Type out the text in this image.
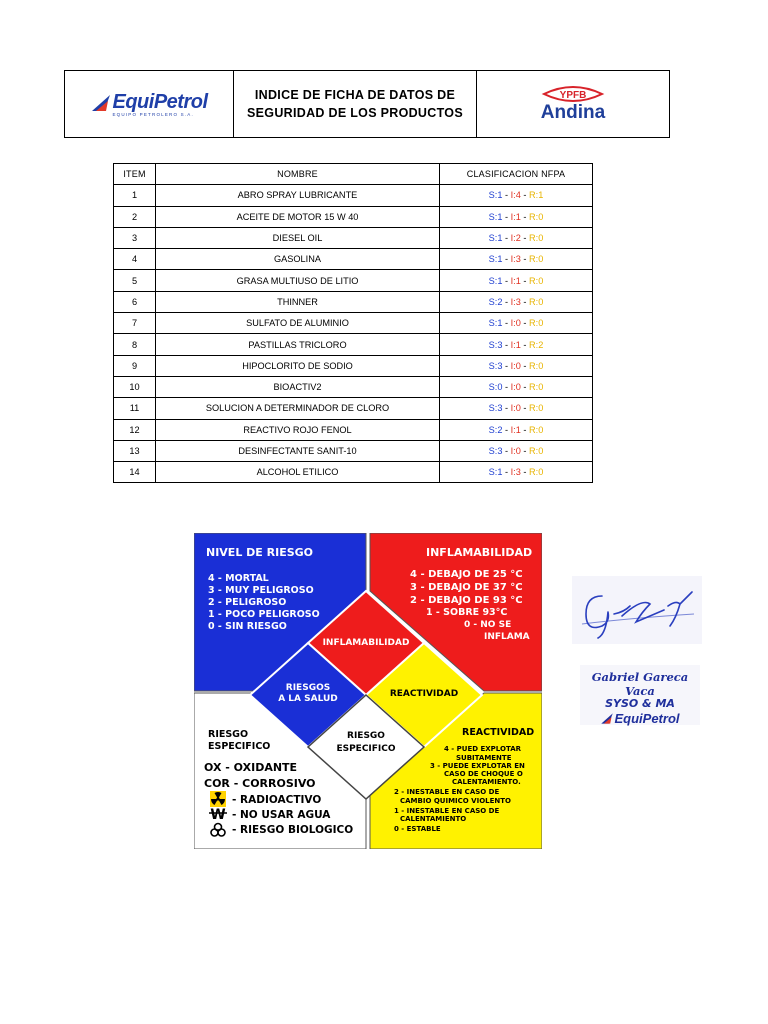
EquiPetrol
EQUIPO PETROLERO S.A.
INDICE DE FICHA DE DATOS DE
SEGURIDAD DE LOS PRODUCTOS
YPFB
Andina
ITEM	NOMBRE	CLASIFICACION NFPA
1	ABRO SPRAY LUBRICANTE	S:1 - I:4 - R:1
2	ACEITE DE MOTOR 15 W 40	S:1 - I:1 - R:0
3	DIESEL OIL	S:1 - I:2 - R:0
4	GASOLINA	S:1 - I:3 - R:0
5	GRASA MULTIUSO DE LITIO	S:1 - I:1 - R:0
6	THINNER	S:2 - I:3 - R:0
7	SULFATO DE ALUMINIO	S:1 - I:0 - R:0
8	PASTILLAS TRICLORO	S:3 - I:1 - R:2
9	HIPOCLORITO DE SODIO	S:3 - I:0 - R:0
10	BIOACTIV2	S:0 - I:0 - R:0
11	SOLUCION A DETERMINADOR DE CLORO	S:3 - I:0 - R:0
12	REACTIVO ROJO FENOL	S:2 - I:1 - R:0
13	DESINFECTANTE SANIT-10	S:3 - I:0 - R:0
14	ALCOHOL ETILICO	S:1 - I:3 - R:0
NIVEL DE RIESGO
4 - MORTAL
3 - MUY PELIGROSO
2 - PELIGROSO
1 - POCO PELIGROSO
0 - SIN RIESGO
INFLAMABILIDAD
4 - DEBAJO DE 25 °C
3 - DEBAJO DE 37 °C
2 - DEBAJO DE 93 °C
1 - SOBRE 93°C
0 - NO SE
INFLAMA
INFLAMABILIDAD
RIESGOS
A LA SALUD	REACTIVIDAD
RIESGO
ESPECIFICO
RIESGO
ESPECIFICO
OX - OXIDANTE
COR - CORROSIVO
- RADIOACTIVO
- NO USAR AGUA
- RIESGO BIOLOGICO
REACTIVIDAD
4 - PUED EXPLOTAR
SUBITAMENTE
3 - PUEDE EXPLOTAR EN
CASO DE CHOQUE O
CALENTAMIENTO.
2 - INESTABLE EN CASO DE
CAMBIO QUIMICO VIOLENTO
1 - INESTABLE EN CASO DE
CALENTAMIENTO
0 - ESTABLE
W
Gabriel Gareca Vaca
SYSO & MA
EquiPetrol
